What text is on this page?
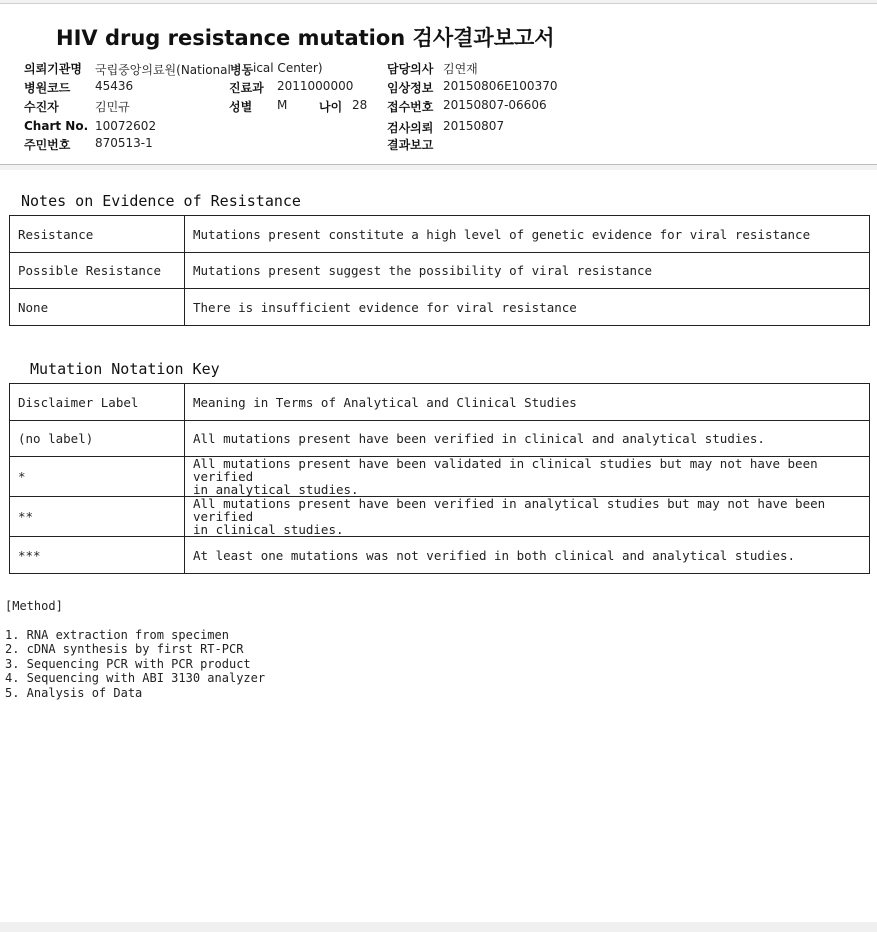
HIV drug resistance mutation 검사결과보고서
의뢰기관명 국립중앙의료원(National 병동 ical Center)	담당의사 김연재
병원코드 45436	진료과 2011000000	임상정보 20150806E100370
수진자	김민규	성별 M	나이 28 접수번호 20150807-06606
Chart No. 10072602	검사의뢰 20150807
주민번호 870513-1	결과보고
Notes on Evidence of Resistance
Resistance	Mutations present constitute a high level of genetic evidence for viral resistance
Possible Resistance	Mutations present suggest the possibility of viral resistance
None	There is insufficient evidence for viral resistance
Mutation Notation Key
Disclaimer Label	Meaning in Terms of Analytical and Clinical Studies
(no label)	All mutations present have been verified in clinical and analytical studies.
*	All mutations present have been validated in clinical studies but may not have been verified
in analytical studies.

**	All mutations present have been verified in analytical studies but may not have been verified
in clinical studies.

***	At least one mutations was not verified in both clinical and analytical studies.
[Method]
1. RNA extraction from specimen
2. cDNA synthesis by first RT-PCR
3. Sequencing PCR with PCR product
4. Sequencing with ABI 3130 analyzer
5. Analysis of Data
